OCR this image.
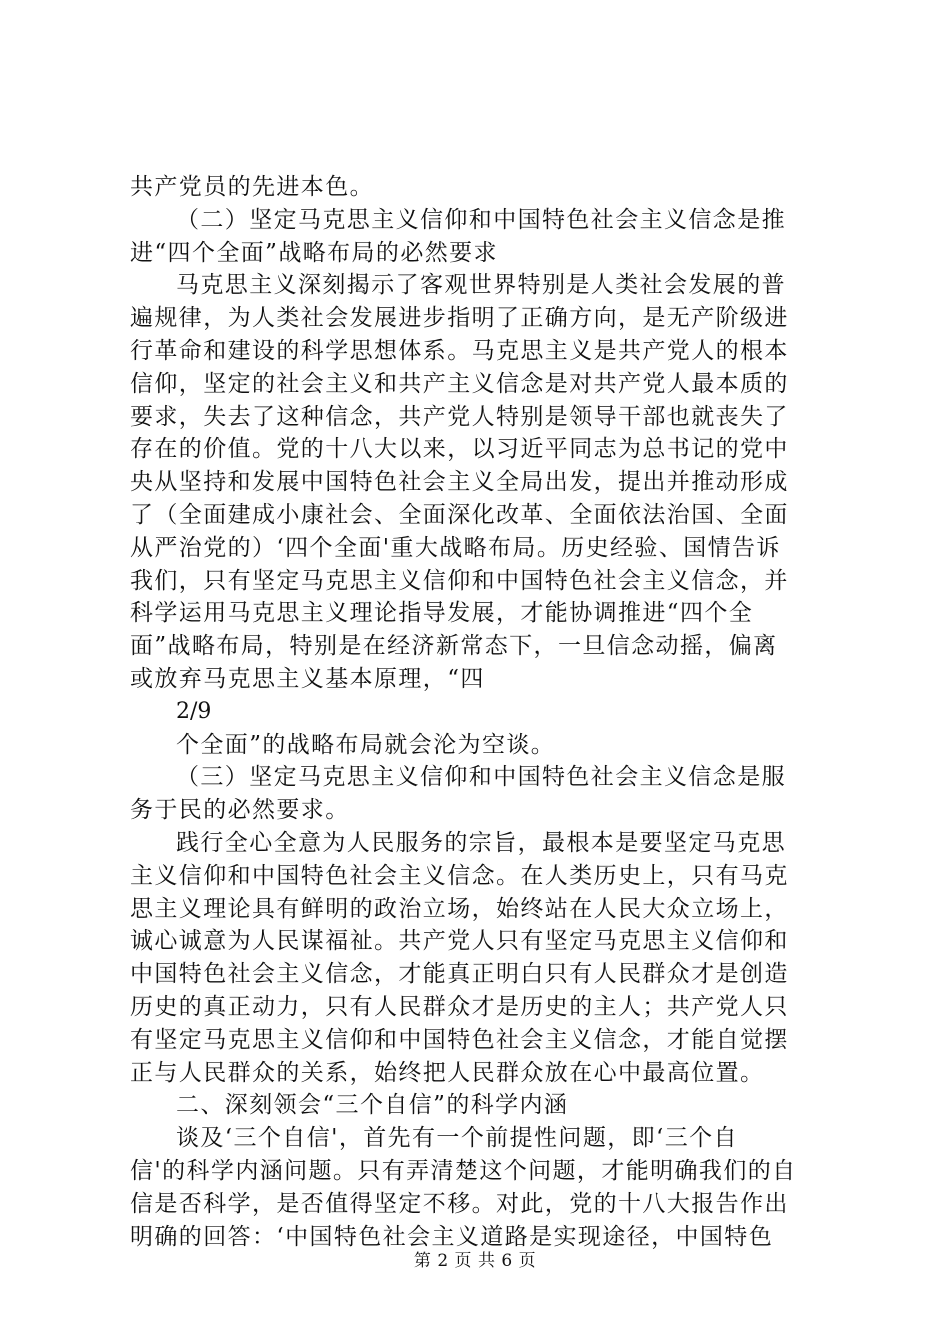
共产党员的先进本色。
（二）坚定马克思主义信仰和中国特色社会主义信念是推
进“四个全面”战略布局的必然要求
马克思主义深刻揭示了客观世界特别是人类社会发展的普
遍规律，为人类社会发展进步指明了正确方向，是无产阶级进
行革命和建设的科学思想体系。马克思主义是共产党人的根本
信仰，坚定的社会主义和共产主义信念是对共产党人最本质的
要求，失去了这种信念，共产党人特别是领导干部也就丧失了
存在的价值。党的十八大以来，以习近平同志为总书记的党中
央从坚持和发展中国特色社会主义全局出发，提出并推动形成
了（全面建成小康社会、全面深化改革、全面依法治国、全面
从严治党的）‘四个全面'重大战略布局。历史经验、国情告诉
我们，只有坚定马克思主义信仰和中国特色社会主义信念，并
科学运用马克思主义理论指导发展，才能协调推进“四个全
面”战略布局，特别是在经济新常态下，一旦信念动摇，偏离
或放弃马克思主义基本原理，“四
2/9
个全面”的战略布局就会沦为空谈。
（三）坚定马克思主义信仰和中国特色社会主义信念是服
务于民的必然要求。
践行全心全意为人民服务的宗旨，最根本是要坚定马克思
主义信仰和中国特色社会主义信念。在人类历史上，只有马克
思主义理论具有鲜明的政治立场，始终站在人民大众立场上，
诚心诚意为人民谋福祉。共产党人只有坚定马克思主义信仰和
中国特色社会主义信念，才能真正明白只有人民群众才是创造
历史的真正动力，只有人民群众才是历史的主人；共产党人只
有坚定马克思主义信仰和中国特色社会主义信念，才能自觉摆
正与人民群众的关系，始终把人民群众放在心中最高位置。
二、深刻领会“三个自信”的科学内涵
谈及‘三个自信'，首先有一个前提性问题，即‘三个自
信'的科学内涵问题。只有弄清楚这个问题，才能明确我们的自
信是否科学，是否值得坚定不移。对此，党的十八大报告作出
明确的回答：‘中国特色社会主义道路是实现途径，中国特色
第 2 页 共 6 页
